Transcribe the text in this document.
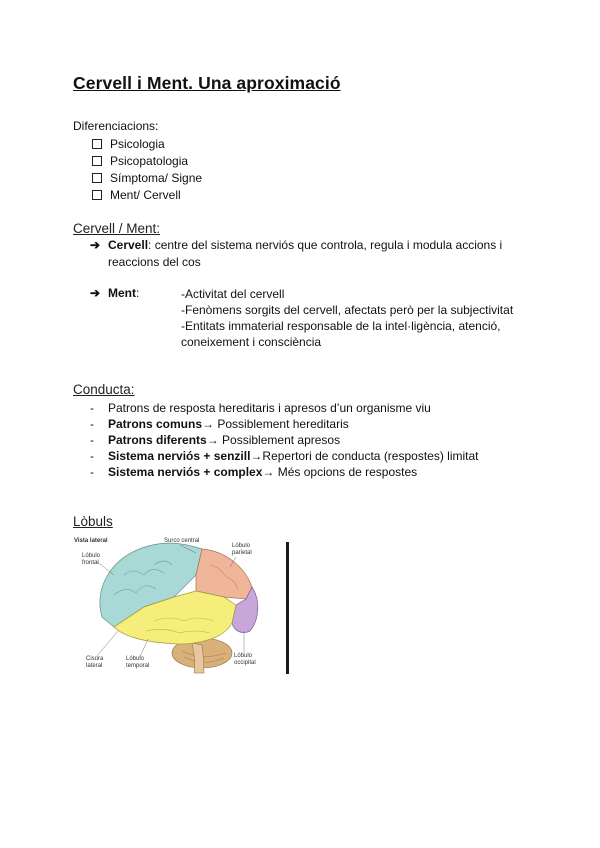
Cervell i Ment. Una aproximació
Diferenciacions:
Psicologia
Psicopatologia
Símptoma/ Signe
Ment/ Cervell
Cervell / Ment:
➔ Cervell: centre del sistema nerviós que controla, regula i modula accions i
reaccions del cos
➔ Ment:	-Activitat del cervell
-Fenòmens sorgits del cervell, afectats però per la subjectivitat
-Entitats immaterial responsable de la intel·ligència, atenció,
coneixement i consciència
Conducta:
- Patrons de resposta hereditaris i apresos d’un organisme viu
- Patrons comuns→ Possiblement hereditaris
- Patrons diferents→ Possiblement apresos
- Sistema nerviós + senzill→Repertori de conducta (respostes) limitat
- Sistema nerviós + complex→ Més opcions de respostes
Lòbuls
Vista lateral	Surco central
Lóbulo
frontal
Lóbulo
parietal
Cisura
lateral
Lóbulo
temporal
Lóbulo
occipital
